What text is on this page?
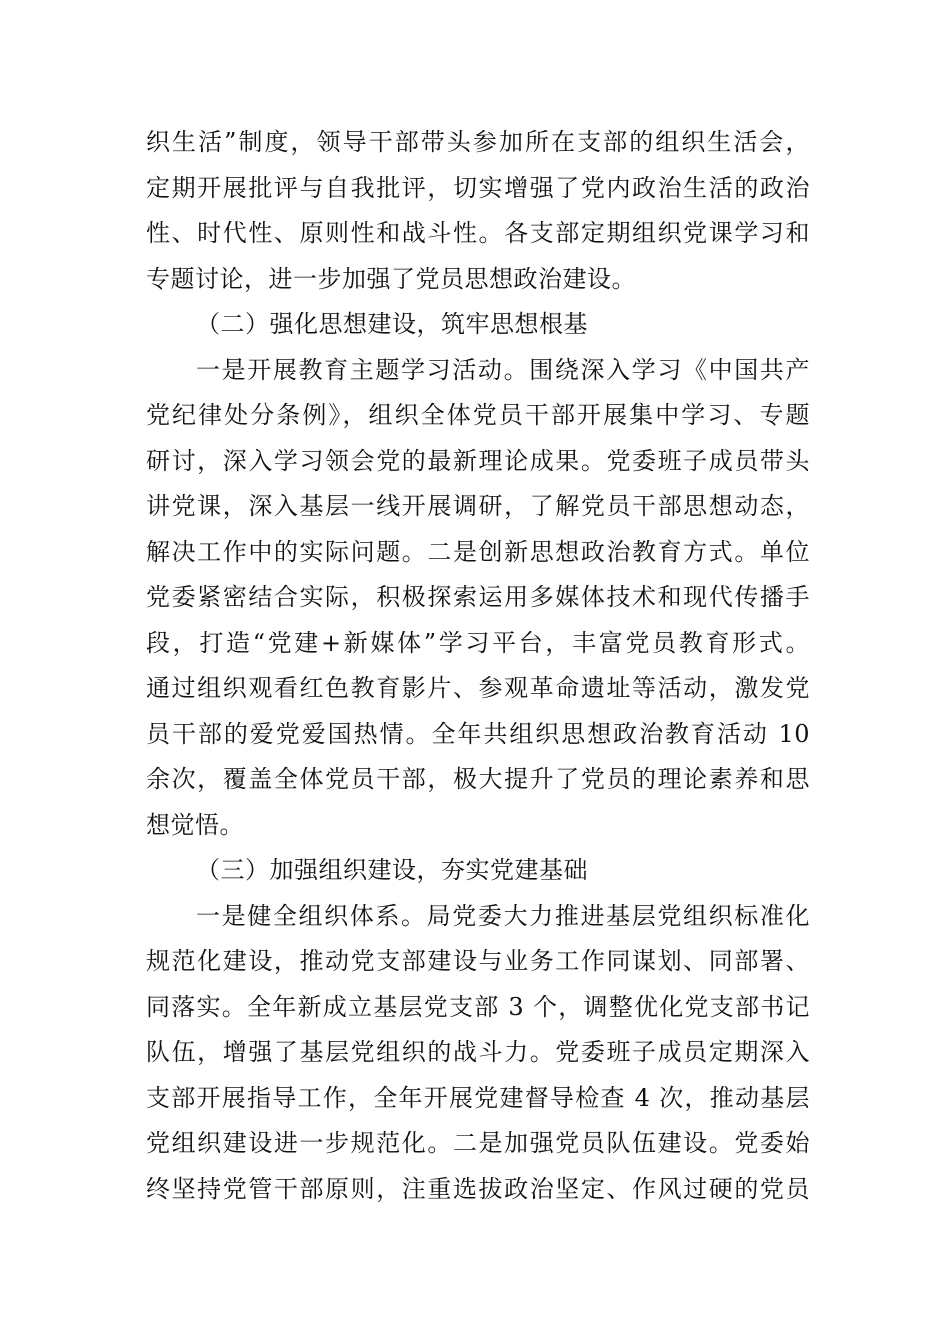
织生活”制度，领导干部带头参加所在支部的组织生活会，
定期开展批评与自我批评，切实增强了党内政治生活的政治
性、时代性、原则性和战斗性。各支部定期组织党课学习和
专题讨论，进一步加强了党员思想政治建设。
（二）强化思想建设，筑牢思想根基
一是开展教育主题学习活动。围绕深入学习《中国共产
党纪律处分条例》，组织全体党员干部开展集中学习、专题
研讨，深入学习领会党的最新理论成果。党委班子成员带头
讲党课，深入基层一线开展调研，了解党员干部思想动态，
解决工作中的实际问题。二是创新思想政治教育方式。单位
党委紧密结合实际，积极探索运用多媒体技术和现代传播手
段，打造“党建+新媒体”学习平台，丰富党员教育形式。
通过组织观看红色教育影片、参观革命遗址等活动，激发党
员干部的爱党爱国热情。全年共组织思想政治教育活动 10
余次，覆盖全体党员干部，极大提升了党员的理论素养和思
想觉悟。
（三）加强组织建设，夯实党建基础
一是健全组织体系。局党委大力推进基层党组织标准化
规范化建设，推动党支部建设与业务工作同谋划、同部署、
同落实。全年新成立基层党支部 3 个，调整优化党支部书记
队伍，增强了基层党组织的战斗力。党委班子成员定期深入
支部开展指导工作，全年开展党建督导检查 4 次，推动基层
党组织建设进一步规范化。二是加强党员队伍建设。党委始
终坚持党管干部原则，注重选拔政治坚定、作风过硬的党员
